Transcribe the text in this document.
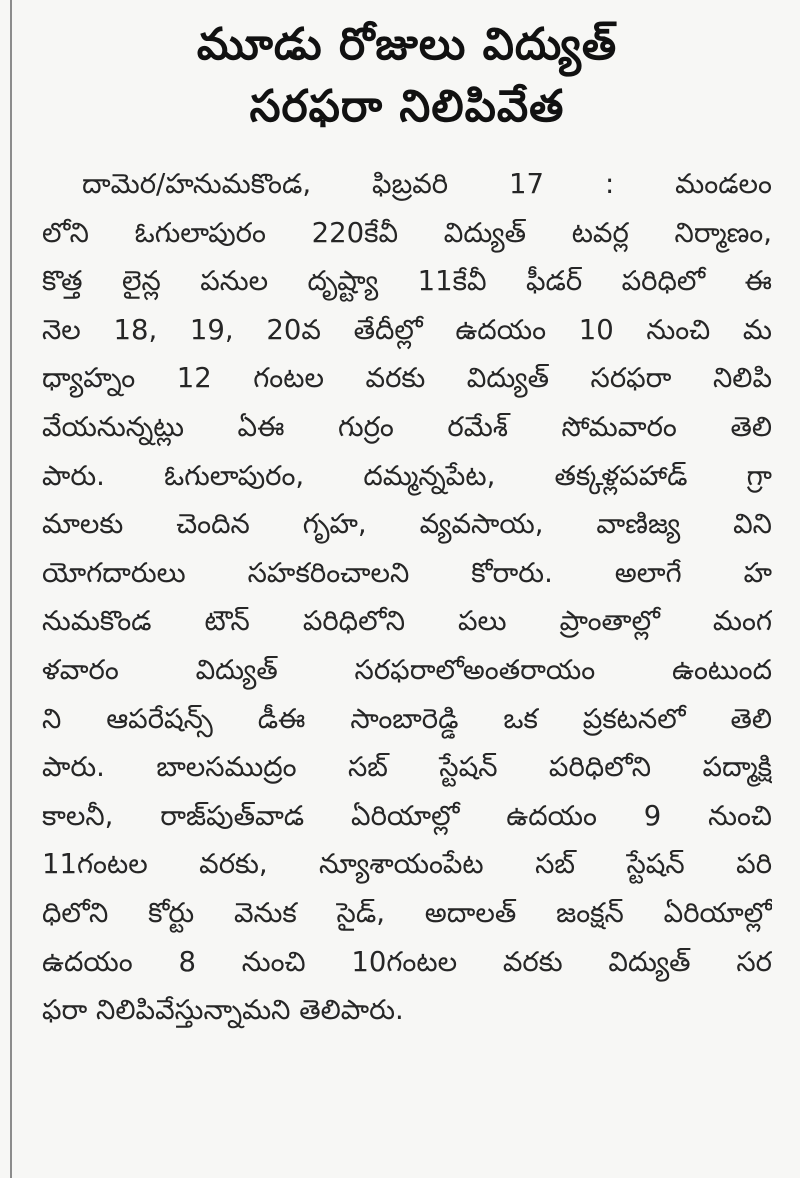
మూడు రోజులు విద్యుత్
సరఫరా నిలిపివేత
దామెర/హనుమకొండ, ఫిబ్రవరి 17 : మండలం
లోని ఓగులాపురం 220కేవీ విద్యుత్ టవర్ల నిర్మాణం,
కొత్త లైన్ల పనుల దృష్ట్యా 11కేవీ ఫీడర్ పరిధిలో ఈ
నెల 18, 19, 20వ తేదీల్లో ఉదయం 10 నుంచి మ
ధ్యాహ్నం 12 గంటల వరకు విద్యుత్ సరఫరా నిలిపి
వేయనున్నట్లు ఏఈ గుర్రం రమేశ్ సోమవారం తెలి
పారు. ఓగులాపురం, దమ్మన్నపేట, తక్కళ్లపహాడ్ గ్రా
మాలకు చెందిన గృహ, వ్యవసాయ, వాణిజ్య విని
యోగదారులు సహకరించాలని కోరారు. అలాగే హ
నుమకొండ టౌన్ పరిధిలోని పలు ప్రాంతాల్లో మంగ
ళవారం విద్యుత్ సరఫరాలోఅంతరాయం ఉంటుంద
ని ఆపరేషన్స్ డీఈ సాంబారెడ్డి ఒక ప్రకటనలో తెలి
పారు. బాలసముద్రం సబ్ స్టేషన్ పరిధిలోని పద్మాక్షి
కాలనీ, రాజ్‌పుత్‌వాడ ఏరియాల్లో ఉదయం 9 నుంచి
11గంటల వరకు, న్యూశాయంపేట సబ్ స్టేషన్ పరి
ధిలోని కోర్టు వెనుక సైడ్, అదాలత్ జంక్షన్ ఏరియాల్లో
ఉదయం 8 నుంచి 10గంటల వరకు విద్యుత్ సర
ఫరా నిలిపివేస్తున్నామని తెలిపారు.
